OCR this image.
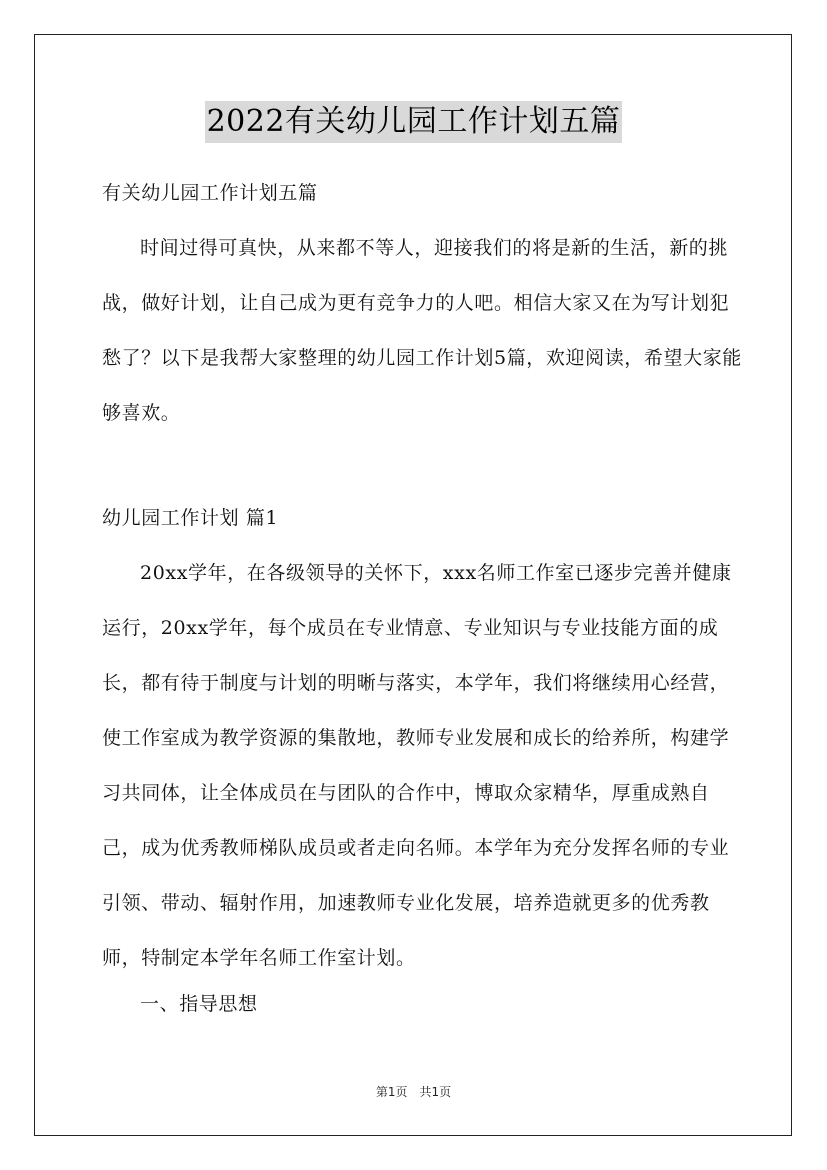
2022有关幼儿园工作计划五篇

有关幼儿园工作计划五篇

时间过得可真快，从来都不等人，迎接我们的将是新的生活，新的挑战，做好计划，让自己成为更有竞争力的人吧。相信大家又在为写计划犯愁了？以下是我帮大家整理的幼儿园工作计划5篇，欢迎阅读，希望大家能够喜欢。

幼儿园工作计划 篇1

20xx学年，在各级领导的关怀下，xxx名师工作室已逐步完善并健康运行，20xx学年，每个成员在专业情意、专业知识与专业技能方面的成长，都有待于制度与计划的明晰与落实，本学年，我们将继续用心经营，使工作室成为教学资源的集散地，教师专业发展和成长的给养所，构建学习共同体，让全体成员在与团队的合作中，博取众家精华，厚重成熟自己，成为优秀教师梯队成员或者走向名师。本学年为充分发挥名师的专业引领、带动、辐射作用，加速教师专业化发展，培养造就更多的优秀教师，特制定本学年名师工作室计划。

一、指导思想

第1页　共1页
